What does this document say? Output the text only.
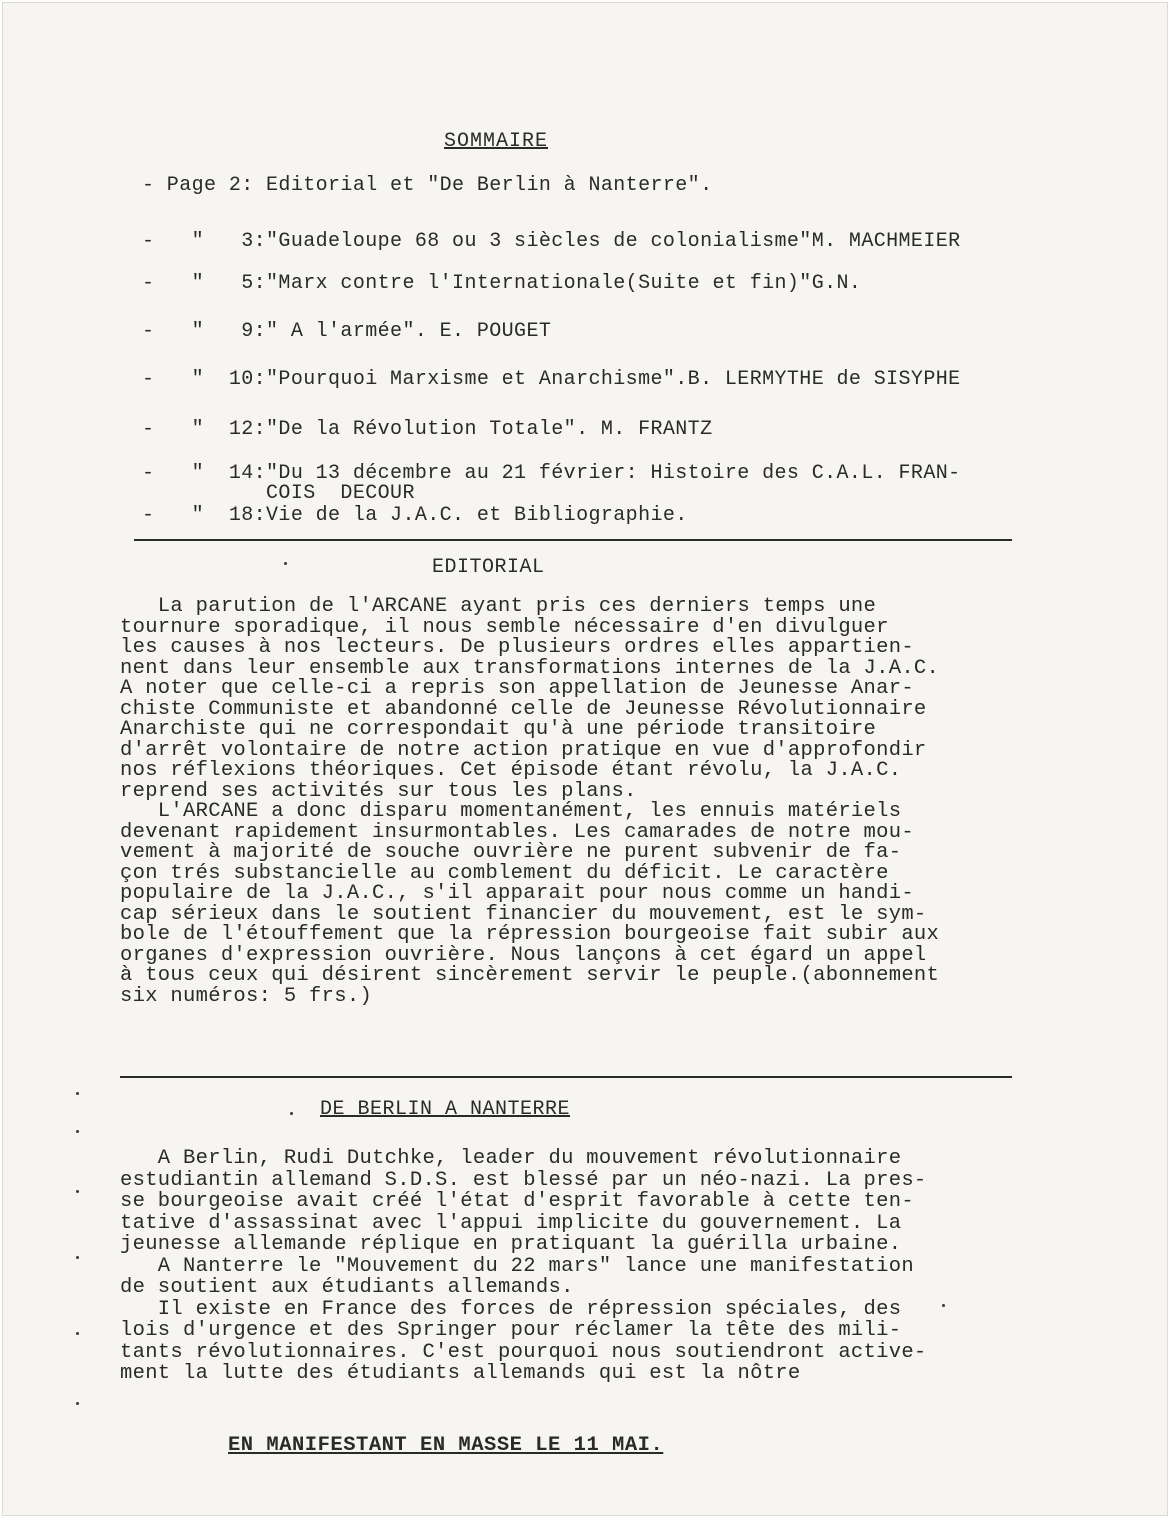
SOMMAIRE
- Page 2: Editorial et "De Berlin à Nanterre".
-   "   3:"Guadeloupe 68 ou 3 siècles de colonialisme"M. MACHMEIER
-   "   5:"Marx contre l'Internationale(Suite et fin)"G.N.
-   "   9:" A l'armée". E. POUGET
-   "  10:"Pourquoi Marxisme et Anarchisme".B. LERMYTHE de SISYPHE
-   "  12:"De la Révolution Totale". M. FRANTZ
-   "  14:"Du 13 décembre au 21 février: Histoire des C.A.L. FRAN-
COIS  DECOUR
-   "  18:Vie de la J.A.C. et Bibliographie.
EDITORIAL

La parution de l'ARCANE ayant pris ces derniers temps une

tournure sporadique, il nous semble nécessaire d'en divulguer

les causes à nos lecteurs. De plusieurs ordres elles appartien-

nent dans leur ensemble aux transformations internes de la J.A.C.

A noter que celle-ci a repris son appellation de Jeunesse Anar-

chiste Communiste et abandonné celle de Jeunesse Révolutionnaire

Anarchiste qui ne correspondait qu'à une période transitoire

d'arrêt volontaire de notre action pratique en vue d'approfondir

nos réflexions théoriques. Cet épisode étant révolu, la J.A.C.

reprend ses activités sur tous les plans.

L'ARCANE a donc disparu momentanément, les ennuis matériels

devenant rapidement insurmontables. Les camarades de notre mou-

vement à majorité de souche ouvrière ne purent subvenir de fa-

çon trés substancielle au comblement du déficit. Le caractère

populaire de la J.A.C., s'il apparait pour nous comme un handi-

cap sérieux dans le soutient financier du mouvement, est le sym-

bole de l'étouffement que la répression bourgeoise fait subir aux

organes d'expression ouvrière. Nous lançons à cet égard un appel

à tous ceux qui désirent sincèrement servir le peuple.(abonnement

six numéros: 5 frs.)

DE BERLIN A NANTERRE

A Berlin, Rudi Dutchke, leader du mouvement révolutionnaire

estudiantin allemand S.D.S. est blessé par un néo-nazi. La pres-

se bourgeoise avait créé l'état d'esprit favorable à cette ten-

tative d'assassinat avec l'appui implicite du gouvernement. La

jeunesse allemande réplique en pratiquant la guérilla urbaine.

A Nanterre le "Mouvement du 22 mars" lance une manifestation

de soutient aux étudiants allemands.

Il existe en France des forces de répression spéciales, des

lois d'urgence et des Springer pour réclamer la tête des mili-

tants révolutionnaires. C'est pourquoi nous soutiendront active-

ment la lutte des étudiants allemands qui est la nôtre

EN MANIFESTANT EN MASSE LE 11 MAI.
